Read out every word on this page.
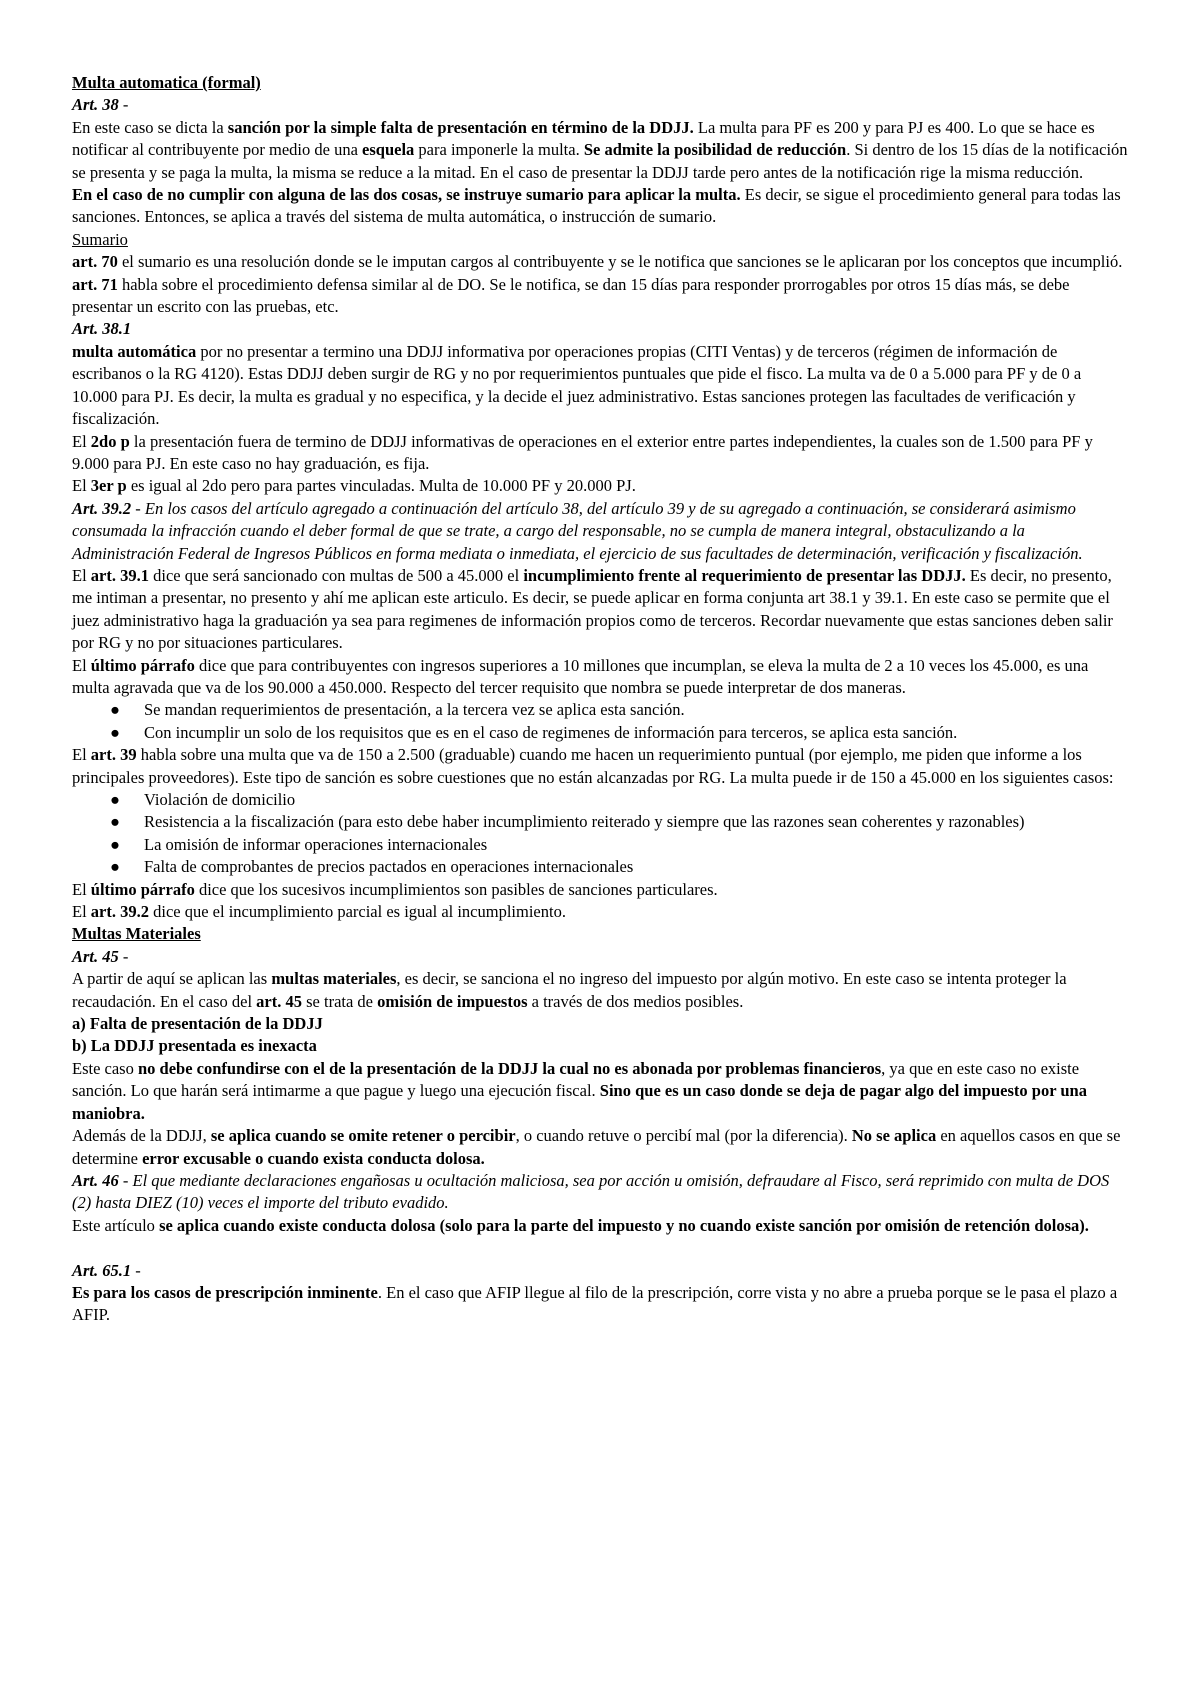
Multa automatica (formal)

Art. 38 -

En este caso se dicta la sanción por la simple falta de presentación en término de la DDJJ. La multa para PF es 200 y para PJ es 400. Lo que se hace es notificar al contribuyente por medio de una esquela para imponerle la multa. Se admite la posibilidad de reducción. Si dentro de los 15 días de la notificación se presenta y se paga la multa, la misma se reduce a la mitad. En el caso de presentar la DDJJ tarde pero antes de la notificación rige la misma reducción.

En el caso de no cumplir con alguna de las dos cosas, se instruye sumario para aplicar la multa. Es decir, se sigue el procedimiento general para todas las sanciones. Entonces, se aplica a través del sistema de multa automática, o instrucción de sumario.

Sumario

art. 70 el sumario es una resolución donde se le imputan cargos al contribuyente y se le notifica que sanciones se le aplicaran por los conceptos que incumplió.

art. 71 habla sobre el procedimiento defensa similar al de DO. Se le notifica, se dan 15 días para responder prorrogables por otros 15 días más, se debe presentar un escrito con las pruebas, etc.

Art. 38.1

multa automática por no presentar a termino una DDJJ informativa por operaciones propias (CITI Ventas) y de terceros (régimen de información de escribanos o la RG 4120). Estas DDJJ deben surgir de RG y no por requerimientos puntuales que pide el fisco. La multa va de 0 a 5.000 para PF y de 0 a 10.000 para PJ. Es decir, la multa es gradual y no especifica, y la decide el juez administrativo. Estas sanciones protegen las facultades de verificación y fiscalización.

El 2do p la presentación fuera de termino de DDJJ informativas de operaciones en el exterior entre partes independientes, la cuales son de 1.500 para PF y 9.000 para PJ. En este caso no hay graduación, es fija.

El 3er p es igual al 2do pero para partes vinculadas. Multa de 10.000 PF y 20.000 PJ.

Art. 39.2 - En los casos del artículo agregado a continuación del artículo 38, del artículo 39 y de su agregado a continuación, se considerará asimismo consumada la infracción cuando el deber formal de que se trate, a cargo del responsable, no se cumpla de manera integral, obstaculizando a la Administración Federal de Ingresos Públicos en forma mediata o inmediata, el ejercicio de sus facultades de determinación, verificación y fiscalización.

El art. 39.1 dice que será sancionado con multas de 500 a 45.000 el incumplimiento frente al requerimiento de presentar las DDJJ. Es decir, no presento, me intiman a presentar, no presento y ahí me aplican este articulo. Es decir, se puede aplicar en forma conjunta art 38.1 y 39.1. En este caso se permite que el juez administrativo haga la graduación ya sea para regimenes de información propios como de terceros. Recordar nuevamente que estas sanciones deben salir por RG y no por situaciones particulares.

El último párrafo dice que para contribuyentes con ingresos superiores a 10 millones que incumplan, se eleva la multa de 2 a 10 veces los 45.000, es una multa agravada que va de los 90.000 a 450.000. Respecto del tercer requisito que nombra se puede interpretar de dos maneras.

● Se mandan requerimientos de presentación, a la tercera vez se aplica esta sanción.
● Con incumplir un solo de los requisitos que es en el caso de regimenes de información para terceros, se aplica esta sanción.

El art. 39 habla sobre una multa que va de 150 a 2.500 (graduable) cuando me hacen un requerimiento puntual (por ejemplo, me piden que informe a los principales proveedores). Este tipo de sanción es sobre cuestiones que no están alcanzadas por RG. La multa puede ir de 150 a 45.000 en los siguientes casos:

● Violación de domicilio
● Resistencia a la fiscalización (para esto debe haber incumplimiento reiterado y siempre que las razones sean coherentes y razonables)
● La omisión de informar operaciones internacionales
● Falta de comprobantes de precios pactados en operaciones internacionales

El último párrafo dice que los sucesivos incumplimientos son pasibles de sanciones particulares.

El art. 39.2 dice que el incumplimiento parcial es igual al incumplimiento.

Multas Materiales

Art. 45 -

A partir de aquí se aplican las multas materiales, es decir, se sanciona el no ingreso del impuesto por algún motivo. En este caso se intenta proteger la recaudación. En el caso del art. 45 se trata de omisión de impuestos a través de dos medios posibles.

a) Falta de presentación de la DDJJ

b) La DDJJ presentada es inexacta

Este caso no debe confundirse con el de la presentación de la DDJJ la cual no es abonada por problemas financieros, ya que en este caso no existe sanción. Lo que harán será intimarme a que pague y luego una ejecución fiscal. Sino que es un caso donde se deja de pagar algo del impuesto por una maniobra.

Además de la DDJJ, se aplica cuando se omite retener o percibir, o cuando retuve o percibí mal (por la diferencia). No se aplica en aquellos casos en que se determine error excusable o cuando exista conducta dolosa.

Art. 46 - El que mediante declaraciones engañosas u ocultación maliciosa, sea por acción u omisión, defraudare al Fisco, será reprimido con multa de DOS (2) hasta DIEZ (10) veces el importe del tributo evadido.

Este artículo se aplica cuando existe conducta dolosa (solo para la parte del impuesto y no cuando existe sanción por omisión de retención dolosa).

Art. 65.1 -

Es para los casos de prescripción inminente. En el caso que AFIP llegue al filo de la prescripción, corre vista y no abre a prueba porque se le pasa el plazo a AFIP.
